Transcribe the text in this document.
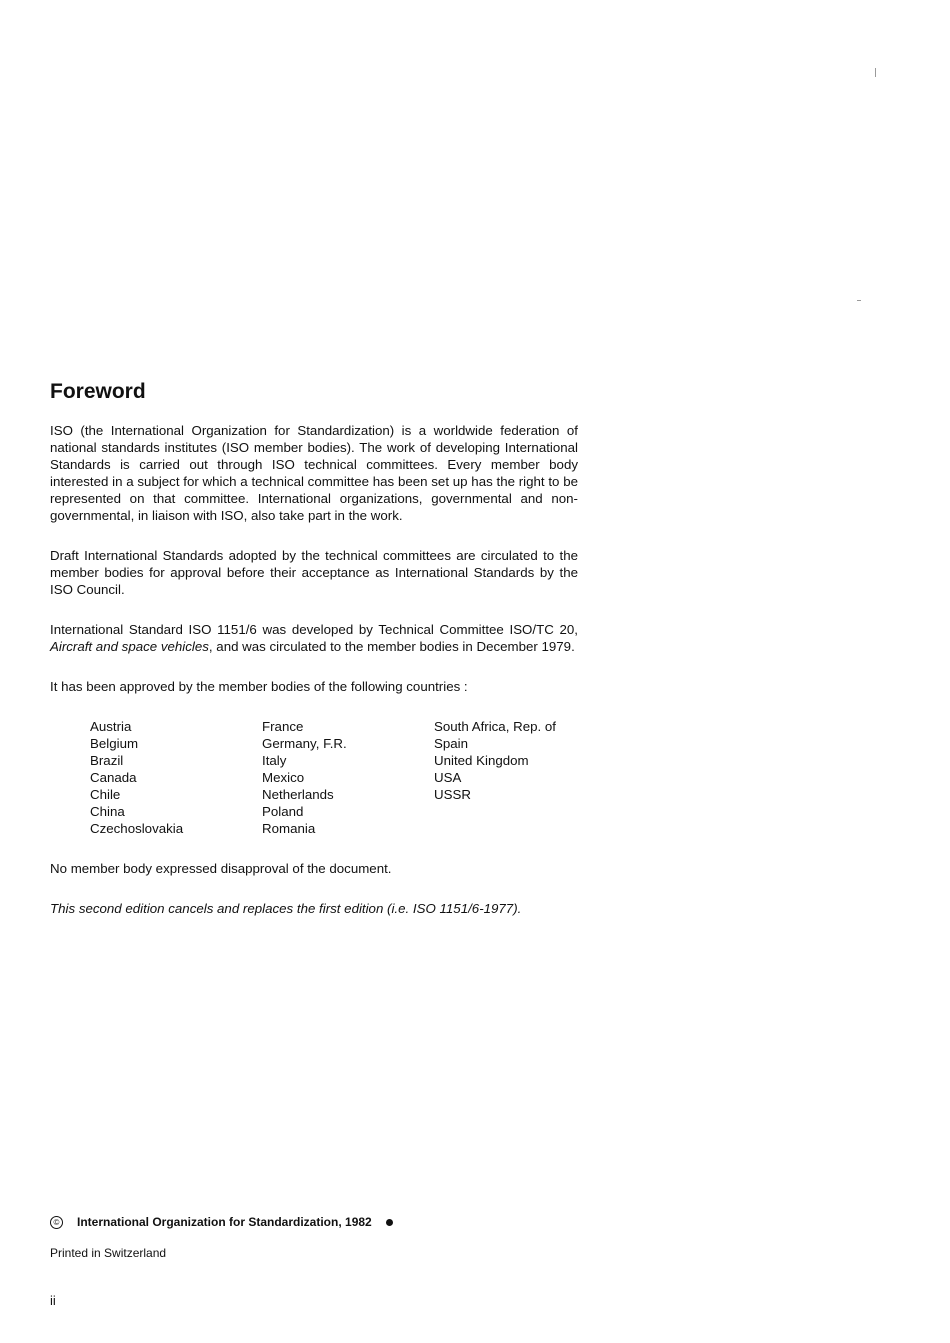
Foreword

ISO (the International Organization for Standardization) is a worldwide federation of national standards institutes (ISO member bodies). The work of developing International Standards is carried out through ISO technical committees. Every member body interested in a subject for which a technical committee has been set up has the right to be represented on that committee. International organizations, governmental and non-governmental, in liaison with ISO, also take part in the work.

Draft International Standards adopted by the technical committees are circulated to the member bodies for approval before their acceptance as International Standards by the ISO Council.

International Standard ISO 1151/6 was developed by Technical Committee ISO/TC 20, Aircraft and space vehicles, and was circulated to the member bodies in December 1979.

It has been approved by the member bodies of the following countries :

Austria
Belgium
Brazil
Canada
Chile
China
Czechoslovakia
France
Germany, F.R.
Italy
Mexico
Netherlands
Poland
Romania
South Africa, Rep. of
Spain
United Kingdom
USA
USSR

No member body expressed disapproval of the document.

This second edition cancels and replaces the first edition (i.e. ISO 1151/6-1977).

© International Organization for Standardization, 1982
Printed in Switzerland
ii
